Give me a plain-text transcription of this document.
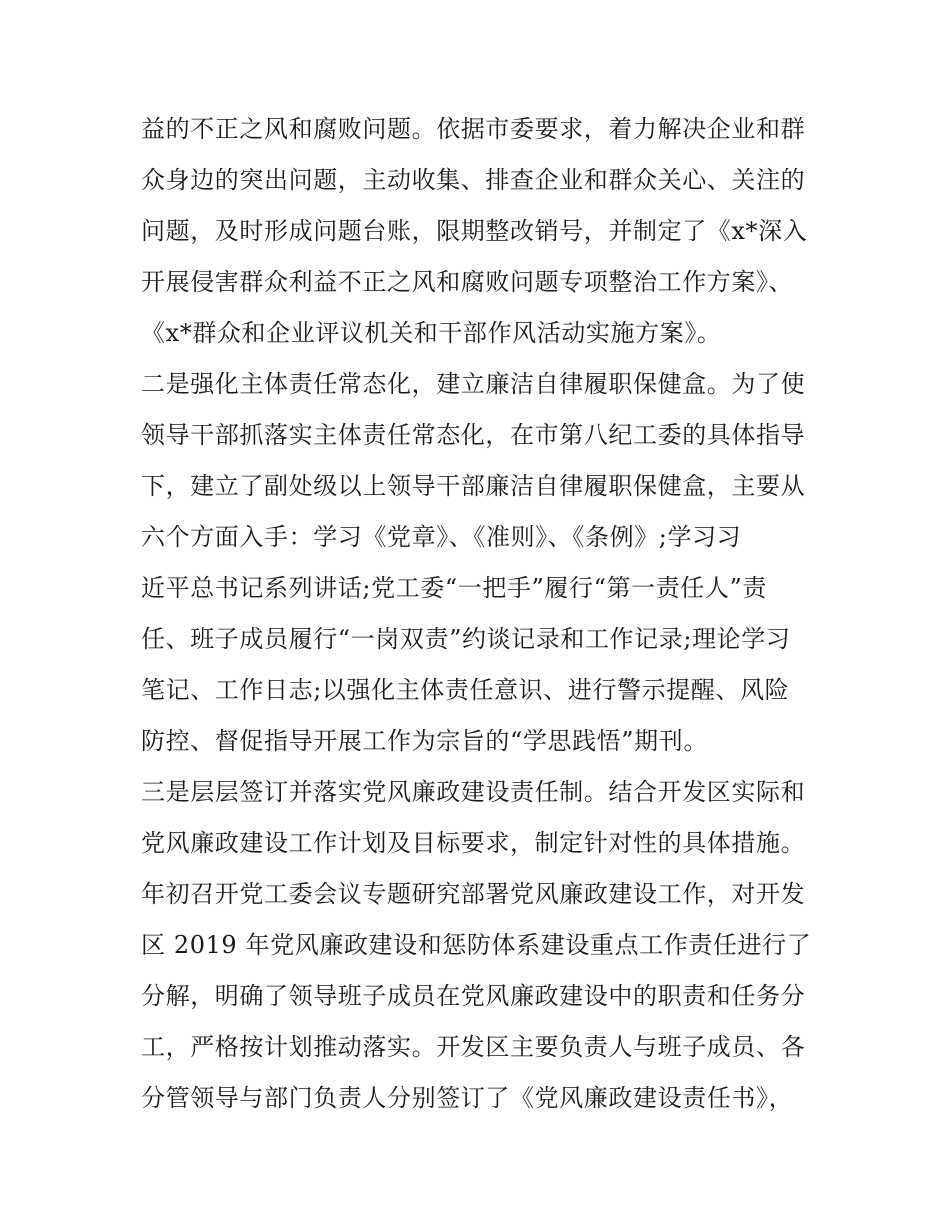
益的不正之风和腐败问题。依据市委要求，着力解决企业和群
众身边的突出问题，主动收集、排查企业和群众关心、关注的
问题，及时形成问题台账，限期整改销号，并制定了《x*深入
开展侵害群众利益不正之风和腐败问题专项整治工作方案》、
《x*群众和企业评议机关和干部作风活动实施方案》。
二是强化主体责任常态化，建立廉洁自律履职保健盒。为了使
领导干部抓落实主体责任常态化，在市第八纪工委的具体指导
下，建立了副处级以上领导干部廉洁自律履职保健盒，主要从
六个方面入手：学习《党章》、《准则》、《条例》;学习习
近平总书记系列讲话;党工委“一把手”履行“第一责任人”责
任、班子成员履行“一岗双责”约谈记录和工作记录;理论学习
笔记、工作日志;以强化主体责任意识、进行警示提醒、风险
防控、督促指导开展工作为宗旨的“学思践悟”期刊。
三是层层签订并落实党风廉政建设责任制。结合开发区实际和
党风廉政建设工作计划及目标要求，制定针对性的具体措施。
年初召开党工委会议专题研究部署党风廉政建设工作，对开发
区 2019 年党风廉政建设和惩防体系建设重点工作责任进行了
分解，明确了领导班子成员在党风廉政建设中的职责和任务分
工，严格按计划推动落实。开发区主要负责人与班子成员、各
分管领导与部门负责人分别签订了《党风廉政建设责任书》，
